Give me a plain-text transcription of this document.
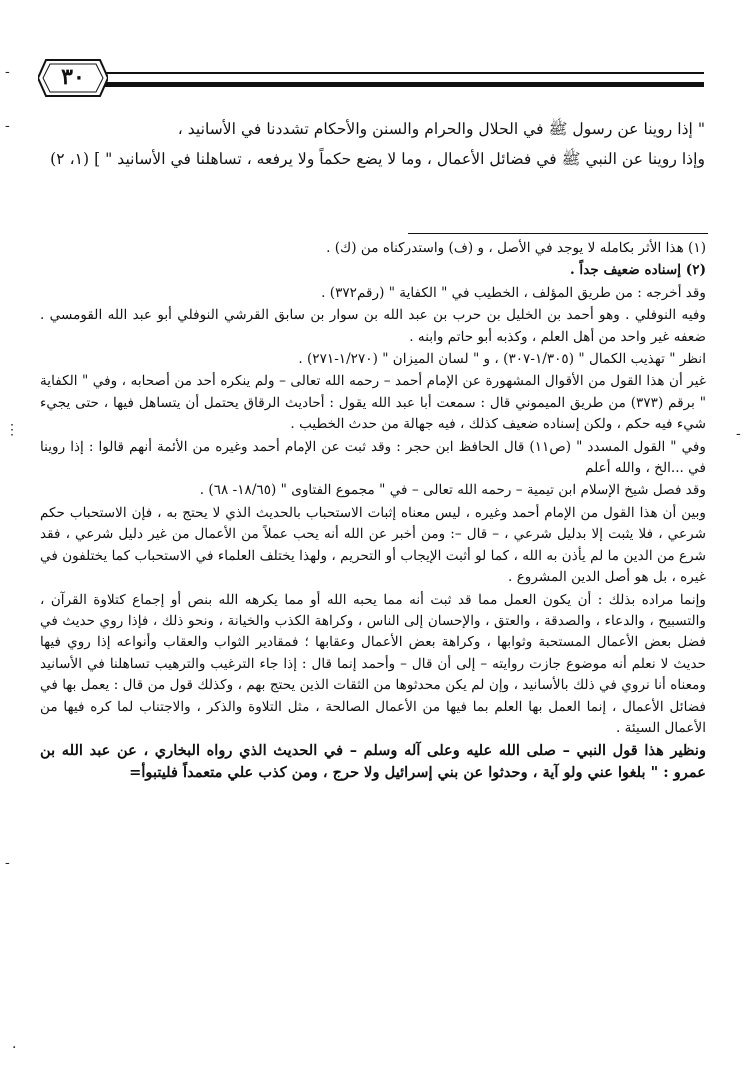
٣٠
-
-
⋮
-
-
·

" إذا روينا عن رسول ﷺ في الحلال والحرام والسنن والأحكام تشددنا في الأسانيد ،

وإذا روينا عن النبي ﷺ في فضائل الأعمال ، وما لا يضع حكماً ولا يرفعه ، تساهلنا في الأسانيد " ] (١، ٢)

(١) هذا الأثر بكامله لا يوجد في الأصل ، و (ف) واستدركناه من (ك) .

(٢) إسناده ضعيف جداً .

وقد أخرجه : من طريق المؤلف ، الخطيب في " الكفاية " (رقم٣٧٢) .

وفيه النوفلي . وهو أحمد بن الخليل بن حرب بن عبد الله بن سوار بن سابق القرشي النوفلي أبو عبد الله القومسي . ضعفه غير واحد من أهل العلم ، وكذبه أبو حاتم وابنه .

انظر " تهذيب الكمال " (١/٣٠٥-٣٠٧) ، و " لسان الميزان " (١/٢٧٠-٢٧١) .

غير أن هذا القول من الأقوال المشهورة عن الإمام أحمد – رحمه الله تعالى – ولم ينكره أحد من أصحابه ، وفي " الكفاية " برقم (٣٧٣) من طريق الميموني قال : سمعت أبا عبد الله يقول : أحاديث الرقاق يحتمل أن يتساهل فيها ، حتى يجيء شيء فيه حكم ، ولكن إسناده ضعيف كذلك ، فيه جهالة من حدث الخطيب .

وفي " القول المسدد " (ص١١) قال الحافظ ابن حجر : وقد ثبت عن الإمام أحمد وغيره من الأئمة أنهم قالوا : إذا روينا في ...الخ ، والله أعلم

وقد فصل شيخ الإسلام ابن تيمية – رحمه الله تعالى – في " مجموع الفتاوى " (١٨/٦٥- ٦٨) .

وبين أن هذا القول من الإمام أحمد وغيره ، ليس معناه إثبات الاستحباب بالحديث الذي لا يحتج به ، فإن الاستحباب حكم شرعي ، فلا يثبت إلا بدليل شرعي ، – قال –: ومن أخبر عن الله أنه يحب عملاً من الأعمال من غير دليل شرعي ، فقد شرع من الدين ما لم يأذن به الله ، كما لو أثبت الإيجاب أو التحريم ، ولهذا يختلف العلماء في الاستحباب كما يختلفون في غيره ، بل هو أصل الدين المشروع .

وإنما مراده بذلك : أن يكون العمل مما قد ثبت أنه مما يحبه الله أو مما يكرهه الله بنص أو إجماع كتلاوة القرآن ، والتسبيح ، والدعاء ، والصدقة ، والعتق ، والإحسان إلى الناس ، وكراهة الكذب والخيانة ، ونحو ذلك ، فإذا روي حديث في فضل بعض الأعمال المستحبة وثوابها ، وكراهة بعض الأعمال وعقابها ؛ فمقادير الثواب والعقاب وأنواعه إذا روي فيها حديث لا نعلم أنه موضوع جازت روايته – إلى أن قال – وأحمد إنما قال : إذا جاء الترغيب والترهيب تساهلنا في الأسانيد ومعناه أنا نروي في ذلك بالأسانيد ، وإن لم يكن محدثوها من الثقات الذين يحتج بهم ، وكذلك قول من قال : يعمل بها في فضائل الأعمال ، إنما العمل بها العلم بما فيها من الأعمال الصالحة ، مثل التلاوة والذكر ، والاجتناب لما كره فيها من الأعمال السيئة .

ونظير هذا قول النبي – صلى الله عليه وعلى آله وسلم – في الحديث الذي رواه البخاري ، عن عبد الله بن عمرو : " بلغوا عني ولو آية ، وحدثوا عن بني إسرائيل ولا حرج ، ومن كذب علي متعمداً فليتبوأ=
